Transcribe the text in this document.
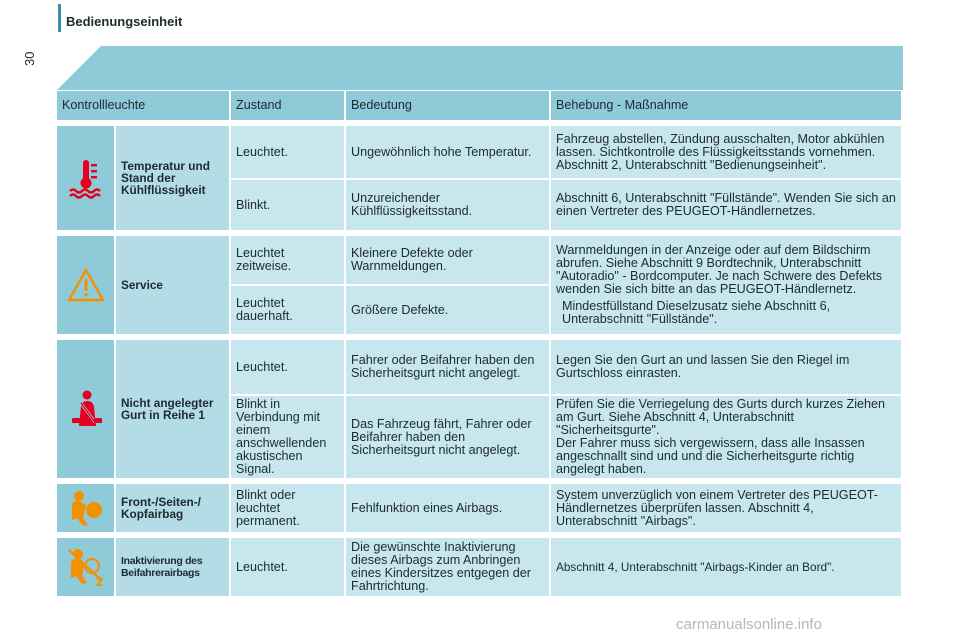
Bedienungseinheit
30
Kontrollleuchte		Zustand	Bedeutung	Behebung - Maßnahme

	Temperatur und Stand der Kühlflüssigkeit	Leuchtet.	Ungewöhnlich hohe Temperatur.	Fahrzeug abstellen, Zündung ausschalten, Motor abkühlen lassen. Sichtkontrolle des Flüssigkeitsstands vornehmen. Abschnitt 2, Unterabschnitt "Bedienungseinheit".
		Blinkt.	Unzureichender Kühlflüssigkeitsstand.	Abschnitt 6, Unterabschnitt "Füllstände". Wenden Sie sich an einen Vertreter des PEUGEOT-Händlernetzes.

	Service	Leuchtet zeitweise.	Kleinere Defekte oder Warnmeldungen.	Warnmeldungen in der Anzeige oder auf dem Bildschirm abrufen. Siehe Abschnitt 9 Bordtechnik, Unterabschnitt "Autoradio" - Bordcomputer. Je nach Schwere des Defekts wenden Sie sich bitte an das PEUGEOT-Händlernetz.
Mindestfüllstand Dieselzusatz siehe Abschnitt 6, Unterabschnitt "Füllstände".

		Leuchtet dauerhaft.	Größere Defekte.	

	Nicht angelegter Gurt in Reihe 1	Leuchtet.	Fahrer oder Beifahrer haben den Sicherheitsgurt nicht angelegt.	Legen Sie den Gurt an und lassen Sie den Riegel im Gurtschloss einrasten.
		Blinkt in Verbindung mit einem anschwellenden akustischen Signal.	Das Fahrzeug fährt, Fahrer oder Beifahrer haben den Sicherheitsgurt nicht angelegt.	Prüfen Sie die Verriegelung des Gurts durch kurzes Ziehen am Gurt. Siehe Abschnitt 4, Unterabschnitt "Sicherheitsgurte".
Der Fahrer muss sich vergewissern, dass alle Insassen angeschnallt sind und und die Sicherheitsgurte richtig angelegt haben.

	Front-/Seiten-/ Kopfairbag	Blinkt oder leuchtet permanent.	Fehlfunktion eines Airbags.	System unverzüglich von einem Vertreter des PEUGEOT-Händlernetzes überprüfen lassen. Abschnitt 4, Unterabschnitt "Airbags".

2	Inaktivierung des Beifahrerairbags	Leuchtet.	Die gewünschte Inaktivierung dieses Airbags zum Anbringen eines Kindersitzes entgegen der Fahrtrichtung.	Abschnitt 4, Unterabschnitt "Airbags-Kinder an Bord".
carmanualsonline.info
